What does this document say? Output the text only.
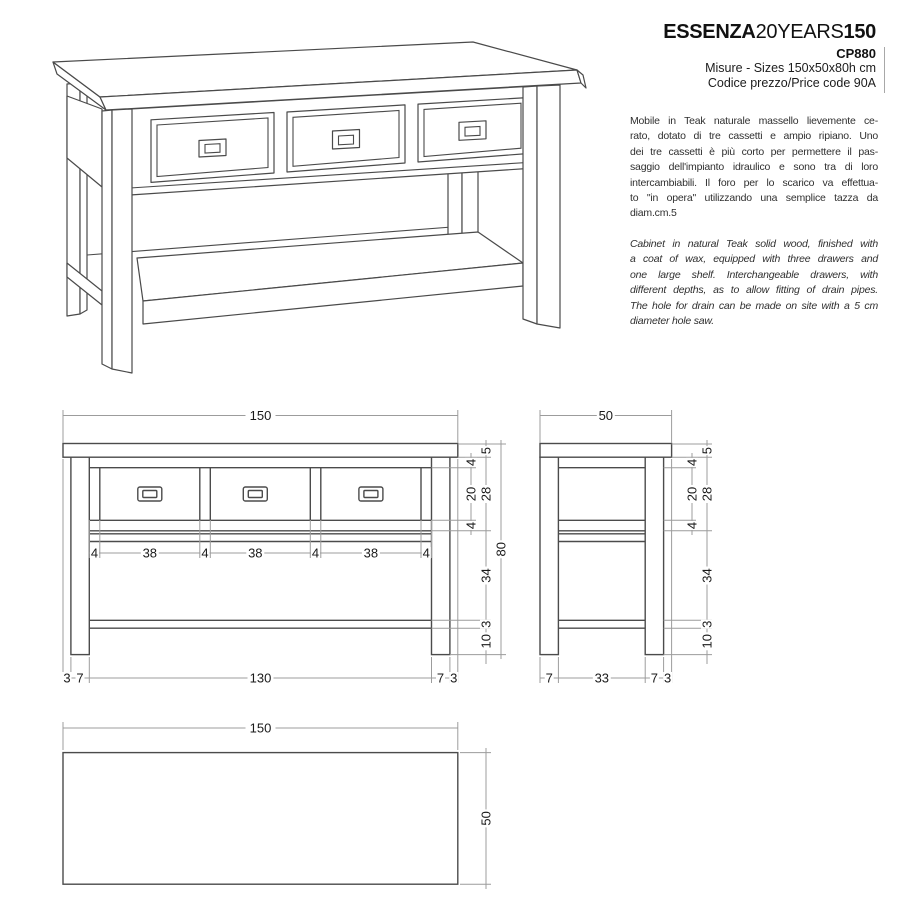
150
3 7	130	7 3
4	38	4	38	4	38	4
4
20
4
5
28
34
3
10
80
50
7	33	7 3
4
20
4
5
28
34
3
10
150
50
ESSENZA20YEARS150
CP880
Misure - Sizes 150x50x80h cm
Codice prezzo/Price code 90A
Mobile in Teak naturale massello lievemente ce-
rato, dotato di tre cassetti e ampio ripiano. Uno
dei tre cassetti è più corto per permettere il pas-
saggio dell'impianto idraulico e sono tra di loro
intercambiabili. Il foro per lo scarico va effettua-
to "in opera" utilizzando una semplice tazza da
diam.cm.5
Cabinet in natural Teak solid wood, finished with
a coat of wax, equipped with three drawers and
one large shelf. Interchangeable drawers, with
different depths, as to allow fitting of drain pipes.
The hole for drain can be made on site with a 5 cm
diameter hole saw.
